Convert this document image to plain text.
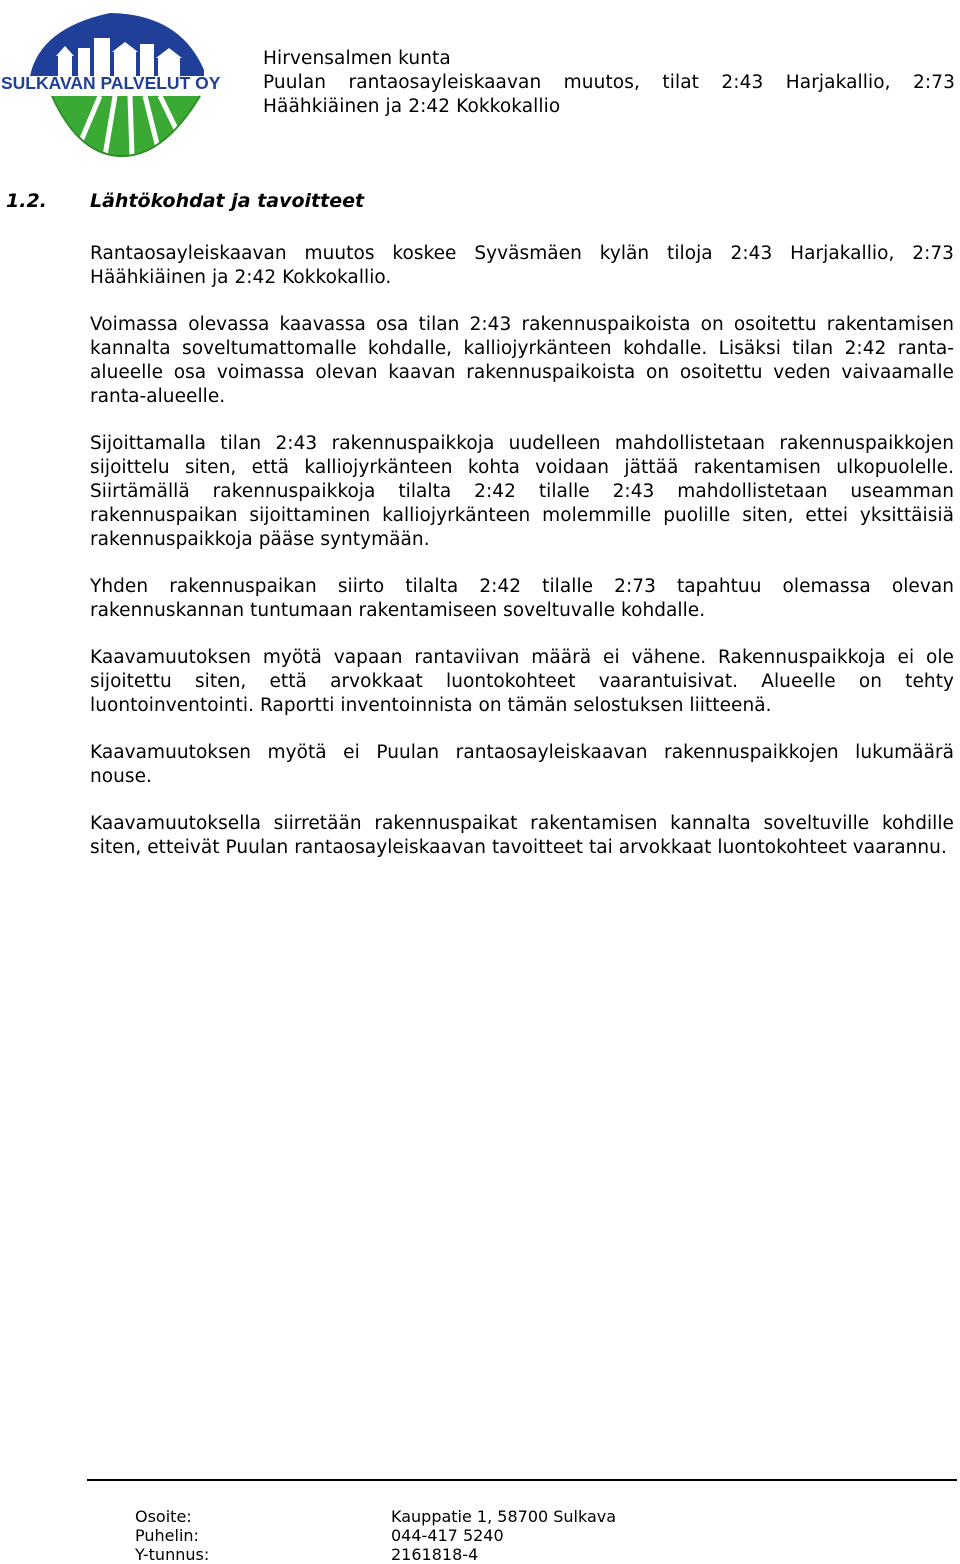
SULKAVAN PALVELUT OY
Hirvensalmen kunta
Puulan rantaosayleiskaavan muutos, tilat 2:43 Harjakallio, 2:73
Häähkiäinen ja 2:42 Kokkokallio
1.2. Lähtökohdat ja tavoitteet

Rantaosayleiskaavan muutos koskee Syväsmäen kylän tiloja 2:43 Harjakallio, 2:73 Häähkiäinen ja 2:42 Kokkokallio.

Voimassa olevassa kaavassa osa tilan 2:43 rakennuspaikoista on osoitettu rakentamisen kannalta soveltumattomalle kohdalle, kalliojyrkänteen kohdalle. Lisäksi tilan 2:42 ranta-alueelle osa voimassa olevan kaavan rakennuspaikoista on osoitettu veden vaivaamalle ranta-alueelle.

Sijoittamalla tilan 2:43 rakennuspaikkoja uudelleen mahdollistetaan rakennuspaikkojen sijoittelu siten, että kalliojyrkänteen kohta voidaan jättää rakentamisen ulkopuolelle. Siirtämällä rakennuspaikkoja tilalta 2:42 tilalle 2:43 mahdollistetaan useamman rakennuspaikan sijoittaminen kalliojyrkänteen molemmille puolille siten, ettei yksittäisiä rakennuspaikkoja pääse syntymään.

Yhden rakennuspaikan siirto tilalta 2:42 tilalle 2:73 tapahtuu olemassa olevan rakennuskannan tuntumaan rakentamiseen soveltuvalle kohdalle.

Kaavamuutoksen myötä vapaan rantaviivan määrä ei vähene. Rakennuspaikkoja ei ole sijoitettu siten, että arvokkaat luontokohteet vaarantuisivat. Alueelle on tehty luontoinventointi. Raportti inventoinnista on tämän selostuksen liitteenä.

Kaavamuutoksen myötä ei Puulan rantaosayleiskaavan rakennuspaikkojen lukumäärä nouse.

Kaavamuutoksella siirretään rakennuspaikat rakentamisen kannalta soveltuville kohdille siten, etteivät Puulan rantaosayleiskaavan tavoitteet tai arvokkaat luontokohteet vaarannu.

Osoite:	Kauppatie 1, 58700 Sulkava
Puhelin:	044-417 5240
Y-tunnus:	2161818-4
